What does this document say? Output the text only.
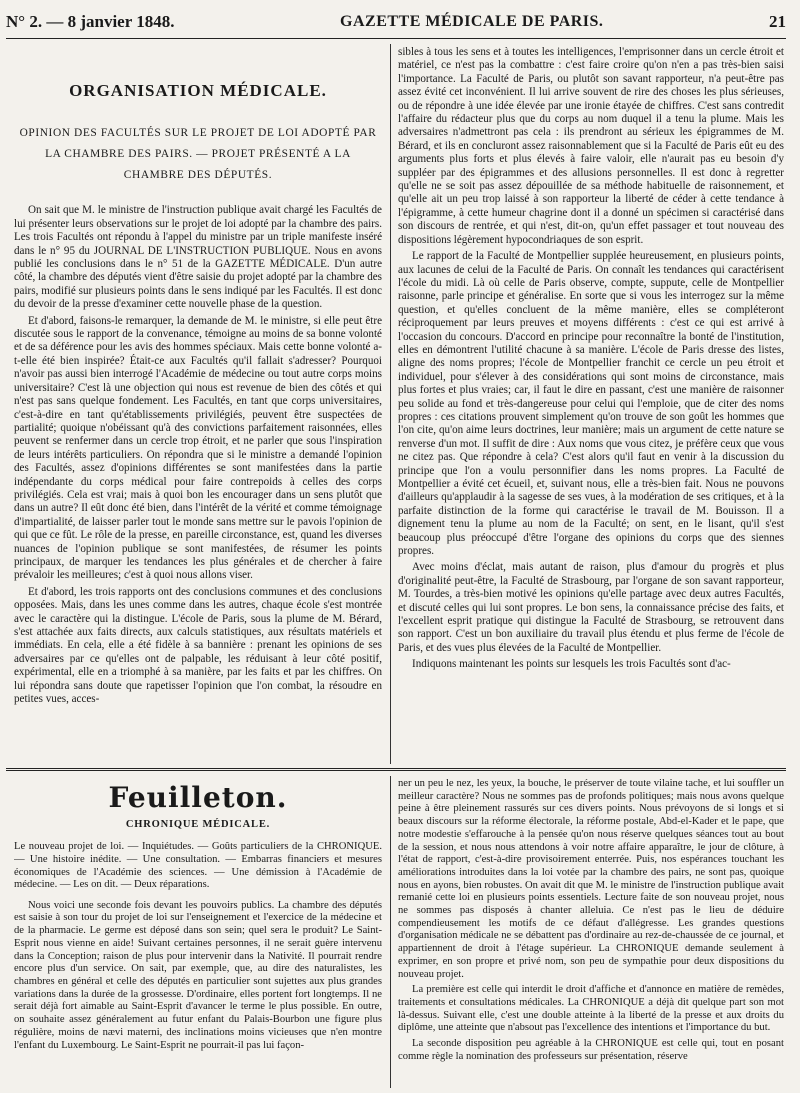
N° 2. — 8 janvier 1848.	GAZETTE MÉDICALE DE PARIS.	21
ORGANISATION MÉDICALE.
OPINION DES FACULTÉS SUR LE PROJET DE LOI ADOPTÉ PAR LA CHAMBRE DES PAIRS. — PROJET PRÉSENTÉ A LA CHAMBRE DES DÉPUTÉS.

On sait que M. le ministre de l'instruction publique avait chargé les Facultés de lui présenter leurs observations sur le projet de loi adopté par la chambre des pairs. Les trois Facultés ont répondu à l'appel du ministre par un triple manifeste inséré dans le n° 95 du JOURNAL DE L'INSTRUCTION PUBLIQUE. Nous en avons publié les conclusions dans le n° 51 de la GAZETTE MÉDICALE. D'un autre côté, la chambre des députés vient d'être saisie du projet adopté par la chambre des pairs, modifié sur plusieurs points dans le sens indiqué par les Facultés. Il est donc du devoir de la presse d'examiner cette nouvelle phase de la question.

Et d'abord, faisons-le remarquer, la demande de M. le ministre, si elle peut être discutée sous le rapport de la convenance, témoigne au moins de sa bonne volonté et de sa déférence pour les avis des hommes spéciaux. Mais cette bonne volonté a-t-elle été bien inspirée? Était-ce aux Facultés qu'il fallait s'adresser? Pourquoi n'avoir pas aussi bien interrogé l'Académie de médecine ou tout autre corps moins universitaire? C'est là une objection qui nous est revenue de bien des côtés et qui n'est pas sans quelque fondement. Les Facultés, en tant que corps universitaires, c'est-à-dire en tant qu'établissements privilégiés, peuvent être suspectées de partialité; quoique n'obéissant qu'à des convictions parfaitement raisonnées, elles peuvent se renfermer dans un cercle trop étroit, et ne parler que sous l'inspiration de leurs intérêts particuliers. On répondra que si le ministre a demandé l'opinion des Facultés, assez d'opinions différentes se sont manifestées dans la partie indépendante du corps médical pour faire contrepoids à celles des corps privilégiés. Cela est vrai; mais à quoi bon les encourager dans un sens plutôt que dans un autre? Il eût donc été bien, dans l'intérêt de la vérité et comme témoignage d'impartialité, de laisser parler tout le monde sans mettre sur le pavois l'opinion de qui que ce fût. Le rôle de la presse, en pareille circonstance, est, quand les diverses nuances de l'opinion publique se sont manifestées, de résumer les points principaux, de marquer les tendances les plus générales et de chercher à faire prévaloir les meilleures; c'est à quoi nous allons viser.

Et d'abord, les trois rapports ont des conclusions communes et des conclusions opposées. Mais, dans les unes comme dans les autres, chaque école s'est montrée avec le caractère qui la distingue. L'école de Paris, sous la plume de M. Bérard, s'est attachée aux faits directs, aux calculs statistiques, aux résultats matériels et immédiats. En cela, elle a été fidèle à sa bannière : prenant les opinions de ses adversaires par ce qu'elles ont de palpable, les réduisant à leur côté positif, expérimental, elle en a triomphé à sa manière, par les faits et par les chiffres. On lui répondra sans doute que rapetisser l'opinion que l'on combat, la résoudre en petites vues, acces-

sibles à tous les sens et à toutes les intelligences, l'emprisonner dans un cercle étroit et matériel, ce n'est pas la combattre : c'est faire croire qu'on n'en a pas très-bien saisi l'importance. La Faculté de Paris, ou plutôt son savant rapporteur, n'a peut-être pas assez évité cet inconvénient. Il lui arrive souvent de rire des choses les plus sérieuses, ou de répondre à une idée élevée par une ironie étayée de chiffres. C'est sans contredit l'affaire du rédacteur plus que du corps au nom duquel il a tenu la plume. Mais les adversaires n'admettront pas cela : ils prendront au sérieux les épigrammes de M. Bérard, et ils en concluront assez raisonnablement que si la Faculté de Paris eût eu des arguments plus forts et plus élevés à faire valoir, elle n'aurait pas eu besoin d'y suppléer par des épigrammes et des allusions personnelles. Il est donc à regretter qu'elle ne se soit pas assez dépouillée de sa méthode habituelle de raisonnement, et qu'elle ait un peu trop laissé à son rapporteur la liberté de céder à cette tendance à l'épigramme, à cette humeur chagrine dont il a donné un spécimen si caractérisé dans son discours de rentrée, et qui n'est, dit-on, qu'un effet passager et tout nouveau des dispositions légèrement hypocondriaques de son esprit.

Le rapport de la Faculté de Montpellier supplée heureusement, en plusieurs points, aux lacunes de celui de la Faculté de Paris. On connaît les tendances qui caractérisent l'école du midi. Là où celle de Paris observe, compte, suppute, celle de Montpellier raisonne, parle principe et généralise. En sorte que si vous les interrogez sur la même question, et qu'elles concluent de la même manière, elles se compléteront réciproquement par leurs preuves et moyens différents : c'est ce qui est arrivé à l'occasion du concours. D'accord en principe pour reconnaître la bonté de l'institution, elles en démontrent l'utilité chacune à sa manière. L'école de Paris dresse des listes, aligne des noms propres; l'école de Montpellier franchit ce cercle un peu étroit et individuel, pour s'élever à des considérations qui sont moins de circonstance, mais plus fortes et plus vraies; car, il faut le dire en passant, c'est une manière de raisonner peu solide au fond et très-dangereuse pour celui qui l'emploie, que de citer des noms propres : ces citations prouvent simplement qu'on trouve de son goût les hommes que l'on cite, qu'on aime leurs doctrines, leur manière; mais un argument de cette nature se renverse d'un mot. Il suffit de dire : Aux noms que vous citez, je préfère ceux que vous ne citez pas. Que répondre à cela? C'est alors qu'il faut en venir à la discussion du principe que l'on a voulu personnifier dans les noms propres. La Faculté de Montpellier a évité cet écueil, et, suivant nous, elle a très-bien fait. Nous ne pouvons d'ailleurs qu'applaudir à la sagesse de ses vues, à la modération de ses critiques, et à la parfaite distinction de la forme qui caractérise le travail de M. Bouisson. Il a dignement tenu la plume au nom de la Faculté; on sent, en le lisant, qu'il s'est beaucoup plus préoccupé d'être l'organe des opinions du corps que des siennes propres.

Avec moins d'éclat, mais autant de raison, plus d'amour du progrès et plus d'originalité peut-être, la Faculté de Strasbourg, par l'organe de son savant rapporteur, M. Tourdes, a très-bien motivé les opinions qu'elle partage avec deux autres Facultés, et discuté celles qui lui sont propres. Le bon sens, la connaissance précise des faits, et l'excellent esprit pratique qui distingue la Faculté de Strasbourg, se retrouvent dans son rapport. C'est un bon auxiliaire du travail plus étendu et plus ferme de l'école de Paris, et des vues plus élevées de la Faculté de Montpellier.

Indiquons maintenant les points sur lesquels les trois Facultés sont d'ac-

Feuilleton.
CHRONIQUE MÉDICALE.
Le nouveau projet de loi. — Inquiétudes. — Goûts particuliers de la CHRONIQUE. — Une histoire inédite. — Une consultation. — Embarras financiers et mesures économiques de l'Académie des sciences. — Une démission à l'Académie de médecine. — Les on dit. — Deux réparations.

Nous voici une seconde fois devant les pouvoirs publics. La chambre des députés est saisie à son tour du projet de loi sur l'enseignement et l'exercice de la médecine et de la pharmacie. Le germe est déposé dans son sein; quel sera le produit? Le Saint-Esprit nous vienne en aide! Suivant certaines personnes, il ne serait guère intervenu dans la Conception; raison de plus pour intervenir dans la Nativité. Il pourrait rendre encore plus d'un service. On sait, par exemple, que, au dire des naturalistes, les chambres en général et celle des députés en particulier sont sujettes aux plus grandes variations dans la durée de la grossesse. D'ordinaire, elles portent fort longtemps. Il ne serait déjà fort aimable au Saint-Esprit d'avancer le terme le plus possible. En outre, on souhaite assez généralement au futur enfant du Palais-Bourbon une figure plus régulière, moins de nævi materni, des inclinations moins vicieuses que n'en montre l'enfant du Luxembourg. Le Saint-Esprit ne pourrait-il pas lui façon-

ner un peu le nez, les yeux, la bouche, le préserver de toute vilaine tache, et lui souffler un meilleur caractère? Nous ne sommes pas de profonds politiques; mais nous avons quelque peine à être pleinement rassurés sur ces divers points. Nous prévoyons de si longs et si beaux discours sur la réforme électorale, la réforme postale, Abd-el-Kader et le pape, que notre modestie s'effarouche à la pensée qu'on nous réserve quelques séances tout au bout de la session, et nous nous attendons à voir notre affaire apparaître, le jour de clôture, à l'état de rapport, c'est-à-dire provisoirement enterrée. Puis, nos espérances touchant les améliorations introduites dans la loi votée par la chambre des pairs, ne sont pas, quoique nous en ayons, bien robustes. On avait dit que M. le ministre de l'instruction publique avait remanié cette loi en plusieurs points essentiels. Lecture faite de son nouveau projet, nous ne sommes pas disposés à chanter alleluia. Ce n'est pas le lieu de déduire compendieusement les motifs de ce défaut d'allégresse. Les grandes questions d'organisation médicale ne se débattent pas d'ordinaire au rez-de-chaussée de ce journal, et appartiennent de droit à l'étage supérieur. La CHRONIQUE demande seulement à exprimer, en son propre et privé nom, son peu de sympathie pour deux dispositions du nouveau projet.

La première est celle qui interdit le droit d'affiche et d'annonce en matière de remèdes, traitements et consultations médicales. La CHRONIQUE a déjà dit quelque part son mot là-dessus. Suivant elle, c'est une double atteinte à la liberté de la presse et aux droits du diplôme, une atteinte que n'absout pas l'excellence des intentions et l'importance du but.

La seconde disposition peu agréable à la CHRONIQUE est celle qui, tout en posant comme règle la nomination des professeurs sur présentation, réserve
